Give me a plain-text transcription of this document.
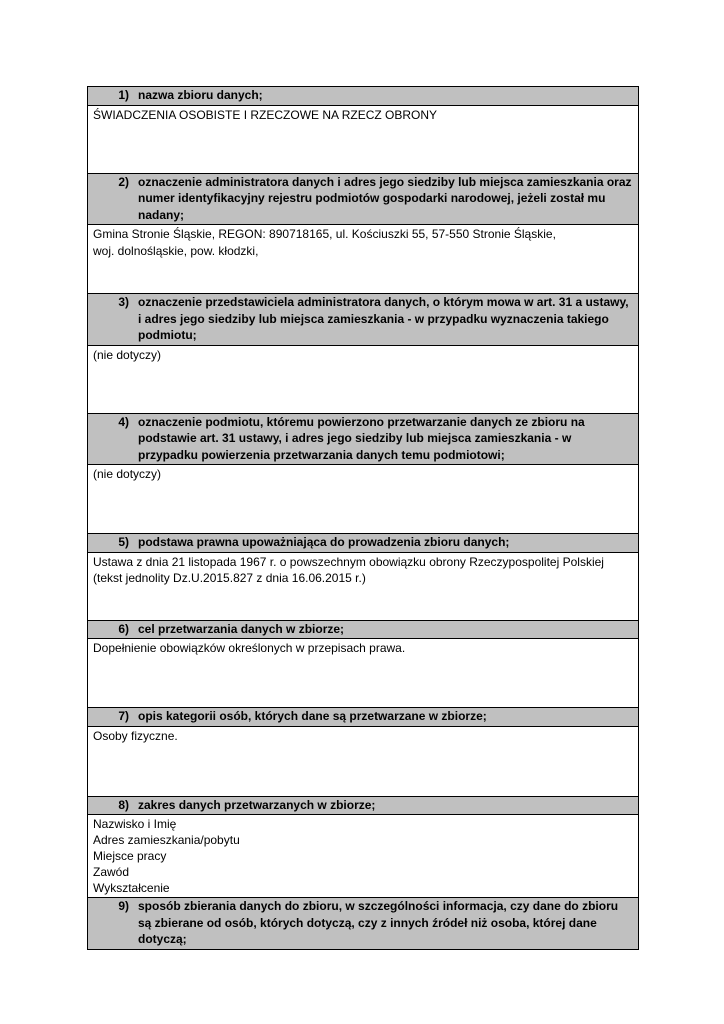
1) nazwa zbioru danych;
ŚWIADCZENIA OSOBISTE I RZECZOWE NA RZECZ OBRONY
2) oznaczenie administratora danych i adres jego siedziby lub miejsca zamieszkania oraz numer identyfikacyjny rejestru podmiotów gospodarki narodowej, jeżeli został mu nadany;
Gmina Stronie Śląskie, REGON: 890718165, ul. Kościuszki 55, 57-550 Stronie Śląskie,
woj. dolnośląskie, pow. kłodzki,
3) oznaczenie przedstawiciela administratora danych, o którym mowa w art. 31 a ustawy, i adres jego siedziby lub miejsca zamieszkania - w przypadku wyznaczenia takiego podmiotu;
(nie dotyczy)
4) oznaczenie podmiotu, któremu powierzono przetwarzanie danych ze zbioru na podstawie art. 31 ustawy, i adres jego siedziby lub miejsca zamieszkania - w przypadku powierzenia przetwarzania danych temu podmiotowi;
(nie dotyczy)
5) podstawa prawna upoważniająca do prowadzenia zbioru danych;
Ustawa z dnia 21 listopada 1967 r. o powszechnym obowiązku obrony Rzeczypospolitej Polskiej
(tekst jednolity Dz.U.2015.827 z dnia 16.06.2015 r.)
6) cel przetwarzania danych w zbiorze;
Dopełnienie obowiązków określonych w przepisach prawa.
7) opis kategorii osób, których dane są przetwarzane w zbiorze;
Osoby fizyczne.
8) zakres danych przetwarzanych w zbiorze;
Nazwisko i Imię
Adres zamieszkania/pobytu
Miejsce pracy
Zawód
Wykształcenie
9) sposób zbierania danych do zbioru, w szczególności informacja, czy dane do zbioru są zbierane od osób, których dotyczą, czy z innych źródeł niż osoba, której dane dotyczą;
